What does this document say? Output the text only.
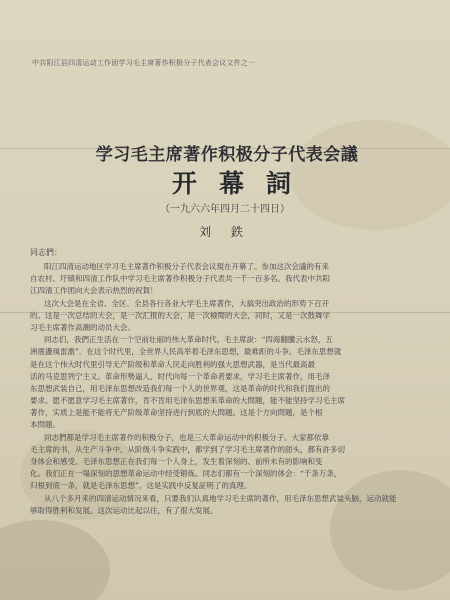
中共阳江县四清运动工作团学习毛主席著作积极分子代表会议文件之一
学习毛主席著作积极分子代表会議
开幕詞
（一九六六年四月二十四日）
刘 鉄
同志們：
阳江四清运动地区学习毛主席著作积极分子代表会议現在开幕了。参加这次会議的有来
自农村、圩镇和四清工作队中学习毛主席著作积极分子代表共一千一百多名。我代表中共阳
江四清工作团向大会表示热烈的祝賀！
这次大会是在全省、全区、全县各行各业大学毛主席著作，大搞突出政治的形势下召开
的。这是一次总结的大会，是一次汇报的大会，是一次檢閱的大会，同时，又是一次鼓舞学
习毛主席著作高潮的动员大会。
同志们，我們正生活在一个空前壮丽的伟大革命时代。毛主席說：“四海翻騰云水怒，五
洲震盪風雷激”。在这个时代里，全世界人民高举着毛泽东思想，最难距的斗争。毛泽东思想就
是在这个伟大时代里引导无产阶级和革命人民走向胜利的强大思想武器，是当代最高最
活的马克思列宁主义。革命形勢逼人，时代向每一个革命者要求，学习毛主席著作，用毛泽
东思想武装自己，用毛泽东思想改造我们每一个人的世界观，这是革命的时代和我们提出的
要求。愿不愿意学习毛主席著作，肯不肯用毛泽东思想来革命的大問題，能不能坚持学习毛主席
著作，实质上是能不能将无产阶级革命坚持进行到底的大問題。这是个方向問題，是个根
本問題。
同志們都是学习毛主席著作的积极分子，也是三大革命运动中的积极分子。大家都依靠
毛主席的书，从生产斗争中，从阶级斗争实践中，都学到了学习毛主席著作的甜头，都有許多切
身体会和感受。毛泽东思想正在我们每一个人身上，发生着深刻的、前所未有的影响和变
化。我们正在一場深刻的思想革命运动中经受锻炼。同志们都有一个深刻的体会：“千条万条，
归根到底一条，就是毛泽东思想”。这是实践中反复証明了的真理。
从八个多月来的四清运动情况来看，只要我们认真地学习毛主席的著作，用毛泽东思想武装头脑，运动就能
够取得胜利和发展。这次运动比起以往，有了很大发展。
